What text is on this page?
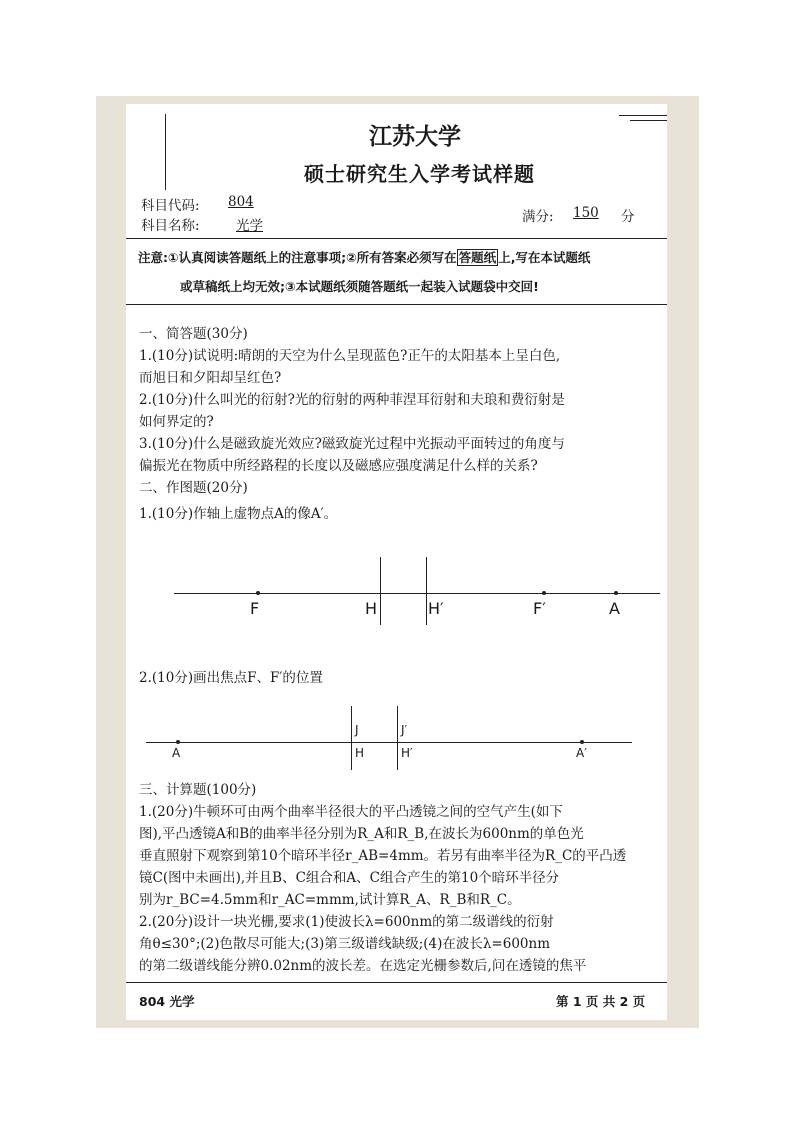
江苏大学
硕士研究生入学考试样题
科目代码: 804
科目名称:	光学
满分: 150 分
注意:①认真阅读答题纸上的注意事项;②所有答案必须写在 答题纸 上,写在本试题纸
或草稿纸上均无效;③本试题纸须随答题纸一起装入试题袋中交回!
一、简答题(30分)
1.(10分)试说明:晴朗的天空为什么呈现蓝色?正午的太阳基本上呈白色,
而旭日和夕阳却呈红色?
2.(10分)什么叫光的衍射?光的衍射的两种菲涅耳衍射和夫琅和费衍射是
如何界定的?
3.(10分)什么是磁致旋光效应?磁致旋光过程中光振动平面转过的角度与
偏振光在物质中所经路程的长度以及磁感应强度满足什么样的关系?
二、作图题(20分)
1.(10分)作轴上虚物点A的像A′。
F	H	H′	F′	A
2.(10分)画出焦点F、F′的位置
A
J	J′
H	H′	A′
三、计算题(100分)
1.(20分)牛顿环可由两个曲率半径很大的平凸透镜之间的空气产生(如下
图),平凸透镜A和B的曲率半径分别为R_A和R_B,在波长为600nm的单色光
垂直照射下观察到第10个暗环半径r_AB=4mm。若另有曲率半径为R_C的平凸透
镜C(图中未画出),并且B、C组合和A、C组合产生的第10个暗环半径分
别为r_BC=4.5mm和r_AC=mmm,试计算R_A、R_B和R_C。
2.(20分)设计一块光栅,要求(1)使波长λ=600nm的第二级谱线的衍射
角θ≤30°;(2)色散尽可能大;(3)第三级谱线缺级;(4)在波长λ=600nm
的第二级谱线能分辨0.02nm的波长差。在选定光栅参数后,问在透镜的焦平
804 光学	第 1 页 共 2 页
